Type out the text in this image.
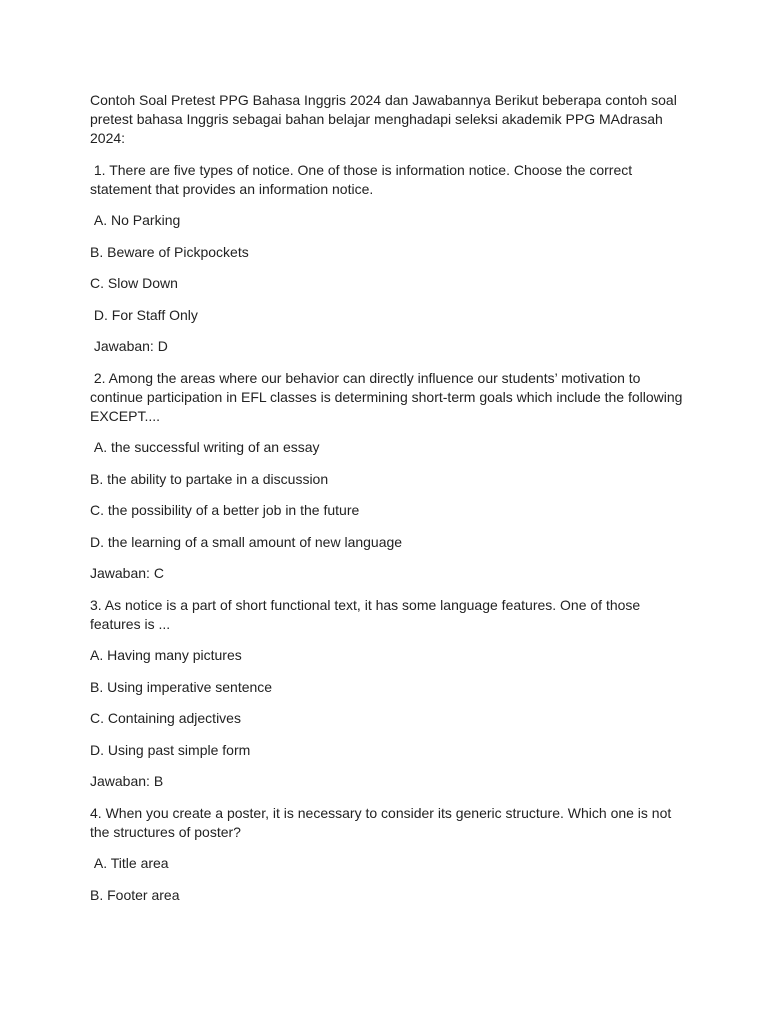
Contoh Soal Pretest PPG Bahasa Inggris 2024 dan Jawabannya Berikut beberapa contoh soal pretest bahasa Inggris sebagai bahan belajar menghadapi seleksi akademik PPG MAdrasah 2024:

1. There are five types of notice. One of those is information notice. Choose the correct statement that provides an information notice.

A. No Parking

B. Beware of Pickpockets

C. Slow Down

D. For Staff Only

Jawaban: D

2. Among the areas where our behavior can directly influence our students’ motivation to continue participation in EFL classes is determining short-term goals which include the following EXCEPT....

A. the successful writing of an essay

B. the ability to partake in a discussion

C. the possibility of a better job in the future

D. the learning of a small amount of new language

Jawaban: C

3. As notice is a part of short functional text, it has some language features. One of those features is ...

A. Having many pictures

B. Using imperative sentence

C. Containing adjectives

D. Using past simple form

Jawaban: B

4. When you create a poster, it is necessary to consider its generic structure. Which one is not the structures of poster?

A. Title area

B. Footer area
